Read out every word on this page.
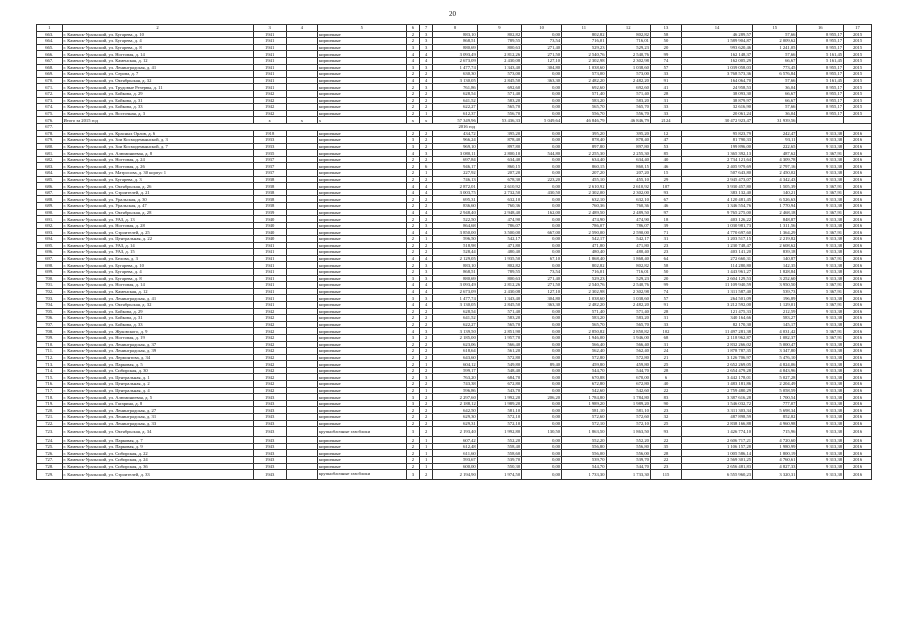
20
1	2	3	4	5	6	7	8	9	10	11	12	13	14	15	16	17
663.	г. Каменск-Уральский, ул. Бугарева, д. 10	1941		кирпичные	2	3	883,10	802,82	0,00	802,82	802,82	58	46 289,57	57,66	8 955,17	2015
664.	г. Каменск-Уральский, ул. Бугарева, д. 4	1941		кирпичные	2	3	868,51	789,55	73,54	716,01	716,01	50	1 589 904,87	2 009,62	8 955,17	2015
665.	г. Каменск-Уральский, ул. Бугарева, д. 8	1941		кирпичные	3	3	880,69	800,63	271,40	529,23	529,23	20	993 620,46	1 241,05	8 955,17	2015
666.	г. Каменск-Уральский, ул. Ногтовая, д. 14	1941		кирпичные	4	4	3 093,49	2 812,26	271,50	2 540,76	2 540,76	99	162 148,37	57,66	5 161,45	2015
667.	г. Каменск-Уральский, ул. Каменская, д. 12	1941		кирпичные	4	4	2 673,09	2 430,08	127,10	2 302,98	2 302,98	74	162 005,29	66,67	5 161,45	2015
668.	г. Каменск-Уральский, ул. Ленинградская, д. 41	1941		кирпичные	3	3	1 477,74	1 343,40	304,80	1 038,60	1 038,60	57	1 039 058,03	773,45	8 955,17	2015
669.	г. Каменск-Уральский, ул. Серова, д. 7	1941		кирпичные	2	2	630,30	573,00	0,00	573,00	573,00	33	3 768 573,36	6 576,84	8 955,17	2015
670.	г. Каменск-Уральский, ул. Октябрьская, д. 32	1941		кирпичные	4	4	3 130,05	2 845,50	363,30	2 482,20	2 482,20	91	164 064,70	57,66	5 161,45	2015
671.	г. Каменск-Уральский, ул. Трудовые Резервы, д. 11	1941		кирпичные	2	3	761,86	692,60	0,00	692,60	692,60	41	24 958,53	36,04	8 955,17	2015
672.	г. Каменск-Уральский, ул. Бойкова, д. 29	1942		кирпичные	2	2	628,54	571,40	0,00	571,40	571,40	28	38 093,30	66,67	8 955,17	2015
673.	г. Каменск-Уральский, ул. Бойкова, д. 31	1942		кирпичные	2	2	641,52	583,20	0,00	583,20	583,20	31	38 879,97	66,67	8 955,17	2015
674.	г. Каменск-Уральский, ул. Бойкова, д. 33	1942		кирпичные	2	2	622,27	565,70	0,00	565,70	565,70	33	32 616,90	57,66	8 955,17	2015
675.	г. Каменск-Уральский, ул. Восточная, д. 3	1942		кирпичные	2	1	612,37	556,70	0,00	556,70	556,70	33	20 061,24	36,04	8 955,17	2015
676.	Итого за 2015 год	x	x	x	x	x	57 349,96	53 436,33	5 049,64	46 846,79	46 846,79	2124	30 472 923,47	31 939,56		
677.	2016 год															
678.	г. Каменск-Уральский, ул. Красных Орлов, д. 6	1918		кирпичные	2	2	434,72	395,20	0,00	395,20	395,20	12	95 823,79	242,47	9 313,38	2016
679.	г. Каменск-Уральский, ул. Зои Космодемьянской, д. 3	1933		кирпичные	3	2	966,24	878,40	0,00	878,40	878,40	47	81 790,33	93,11	9 313,38	2016
680.	г. Каменск-Уральский, ул. Зои Космодемьянской, д. 7	1933		кирпичные	3	2	969,10	897,80	0,00	897,80	897,80	53	199 896,00	222,65	9 313,38	2016
681.	г. Каменск-Уральский, ул. Алюминиевая, д. 8	1935		кирпичные	4	3	3 080,11	2 800,10	544,80	2 255,30	2 255,30	85	1 365 392,13	487,62	5 367,91	2016
682.	г. Каменск-Уральский, ул. Ногтовая, д. 24	1937		кирпичные	2	2	697,84	634,40	0,00	634,40	634,40	40	2 734 121,64	4 309,78	9 313,38	2016
683.	г. Каменск-Уральский, ул. Ногтовая, д. 26	1937		кирпичные	2	6	946,17	860,15	0,00	860,15	860,15	46	2 405 979,69	2 797,16	9 313,38	2016
684.	г. Каменск-Уральский, ул. Матросова, д. 30 корпус 1	1937		кирпичные	2	1	227,92	207,20	0,00	207,20	207,20	15	507 643,80	2 450,02	9 313,38	2016
685.	г. Каменск-Уральский, ул. Бугарева, д. 3	1938		кирпичные	2	2	746,13	678,30	223,20	455,10	455,10	29	2 945 473,07	4 342,43	9 313,38	2016
686.	г. Каменск-Уральский, ул. Октябрьская, д. 26	1938		кирпичные	4	4	2 872,01	2 610,92	0,00	2 610,92	2 610,92	107	3 930 457,80	1 505,39	5 367,91	2016
687.	г. Каменск-Уральский, ул. Строителей, д. 21	1938		кирпичные	4	4	3 003,75	2 732,50	430,50	2 302,00	2 302,00	93	383 132,40	140,21	5 367,91	2016
688.	г. Каменск-Уральский, ул. Уральская, д. 30	1938		кирпичные	2	2	695,31	632,10	0,00	632,10	632,10	67	4 120 481,45	6 526,63	9 313,38	2016
689.	г. Каменск-Уральский, ул. Уральская, д. 47	1938		кирпичные	2	2	836,60	760,36	0,00	760,36	760,36	46	1 346 554,76	1 770,94	9 313,38	2016
690.	г. Каменск-Уральский, ул. Октябрьская, д. 28	1939		кирпичные	4	4	2 948,40	2 948,40	162,00	2 489,50	2 489,50	97	9 765 275,00	2 468,18	5 367,91	2016
691.	г. Каменск-Уральский, ул. УАЗ, д. 13	1940		кирпичные	2	2	522,50	474,90	0,00	474,90	474,90	18	403 126,22	848,87	9 313,38	2016
692.	г. Каменск-Уральский, ул. Ногтовая, д. 28	1940		кирпичные	2	3	864,68	786,07	0,00	786,07	786,07	39	1 030 981,73	1 311,56	9 313,38	2016
693.	г. Каменск-Уральский, ул. Строителей, д. 25	1940		кирпичные	4	4	3 850,00	3 500,00	667,00	2 590,00	2 590,00	71	4 770 697,60	1 364,29	5 367,91	2016
694.	г. Каменск-Уральский, ул. Центральная, д. 22	1940		кирпичные	2	1	596,50	542,17	0,00	542,17	542,17	31	1 203 517,15	2 219,82	9 313,38	2016
695.	г. Каменск-Уральский, ул. УАЗ, д. 14	1941		кирпичные	2	2	518,98	471,80	0,00	471,80	471,80	23	1 230 748,47	2 608,62	9 313,38	2016
696.	г. Каменск-Уральский, ул. УАЗ, д. 15	1941		кирпичные	2	2	528,44	480,40	0,00	480,40	480,40	23	403 141,20	839,18	9 313,38	2016
697.	г. Каменск-Уральский, ул. Белова, д. 3	1941		кирпичные	4	4	2 129,05	1 935,50	67,10	1 868,40	1 868,40	64	272 660,31	140,87	5 367,91	2016
698.	г. Каменск-Уральский, ул. Бугарева, д. 10	1941		кирпичные	2	3	883,10	802,82	0,00	802,82	802,82	58	114 280,80	142,35	9 313,38	2016
699.	г. Каменск-Уральский, ул. Бугарева, д. 4	1941		кирпичные	2	3	868,51	789,55	73,54	716,01	716,01	50	1 443 961,27	1 828,84	9 313,38	2016
700.	г. Каменск-Уральский, ул. Бугарева, д. 8	1941		кирпичные	3	3	880,69	800,63	271,40	529,23	529,23	20	2 604 129,53	3 252,60	9 313,38	2016
701.	г. Каменск-Уральский, ул. Ногтовая, д. 14	1941		кирпичные	4	4	3 093,49	2 812,26	271,50	2 540,76	2 540,76	99	11 109 940,59	3 950,50	5 367,91	2016
702.	г. Каменск-Уральский, ул. Каменская, д. 12	1941		кирпичные	4	4	2 673,09	2 430,08	127,10	2 302,98	2 302,98	74	1 311 587,40	539,73	5 367,91	2016
703.	г. Каменск-Уральский, ул. Ленинградская, д. 41	1941		кирпичные	3	3	1 477,74	1 343,40	304,80	1 038,60	1 038,60	57	264 501,09	196,89	9 313,38	2016
704.	г. Каменск-Уральский, ул. Октябрьская, д. 32	1941		кирпичные	4	4	3 130,05	2 845,50	363,30	2 482,20	2 482,20	91	3 212 592,00	1 129,01	5 367,91	2016
705.	г. Каменск-Уральский, ул. Бойкова, д. 29	1942		кирпичные	2	2	628,54	571,40	0,00	571,40	571,40	28	121 475,33	212,59	9 313,38	2016
706.	г. Каменск-Уральский, ул. Бойкова, д. 31	1942		кирпичные	2	2	641,52	583,20	0,00	583,20	583,20	31	340 164,66	583,27	9 313,38	2016
707.	г. Каменск-Уральский, ул. Бойкова, д. 33	1942		кирпичные	2	2	622,27	565,70	0,00	565,70	565,70	33	82 170,30	145,17	9 313,38	2016
708.	г. Каменск-Уральский, ул. Жуковского, д. 9	1942		кирпичные	4	3	3 139,50	2 851,90	0,00	2 850,82	2 850,82	102	11 497 281,38	4 031,42	5 367,91	2016
709.	г. Каменск-Уральский, ул. Ногтовая, д. 19	1942		кирпичные	3	2	2 185,00	1 957,70	0,00	1 946,00	1 946,00	68	2 118 962,87	1 082,37	5 367,91	2016
710.	г. Каменск-Уральский, ул. Ленинградская, д. 37	1942		кирпичные	2	2	623,06	566,40	0,00	566,40	566,40	31	2 832 266,02	5 000,47	9 313,38	2016
711.	г. Каменск-Уральский, ул. Ленинградская, д. 39	1942		кирпичные	2	2	618,64	561,20	0,00	562,40	562,40	24	1 878 787,35	3 347,80	9 313,38	2016
712.	г. Каменск-Уральский, ул. Лермонтова, д. 34	1942		кирпичные	2	2	643,60	572,80	0,00	572,80	572,80	21	3 126 706,97	5 476,10	9 313,38	2016
713.	г. Каменск-Уральский, ул. Парковая, д. 5	1942		кирпичные	2	1	604,12	549,80	89,40	459,80	459,80	25	2 652 269,05	4 824,06	9 313,38	2016
714.	г. Каменск-Уральский, ул. Сибирская, д. 30	1942		кирпичные	2	2	599,17	548,40	0,00	544,70	544,70	28	2 654 479,28	4 843,96	9 313,38	2016
715.	г. Каменск-Уральский, ул. Центральная, д. 1	1942		кирпичные	2	3	763,20	684,70	0,00	670,88	670,00	6	3 442 178,01	5 027,28	9 313,38	2016
716.	г. Каменск-Уральский, ул. Центральная, д. 2	1942		кирпичные	2	2	743,38	672,80	0,00	672,80	672,80	40	1 483 181,86	2 204,49	9 313,38	2016
717.	г. Каменск-Уральский, ул. Центральная, д. 4	1942		кирпичные	2	1	596,86	543,70	0,00	542,60	542,60	22	2 759 480,29	5 058,59	9 313,38	2016
718.	г. Каменск-Уральский, ул. Алюминиевая, д. 5	1943		кирпичные	3	2	2 297,60	1 992,20	206,20	1 784,80	1 784,80	83	3 387 616,28	1 700,54	9 313,38	2016
719.	г. Каменск-Уральский, ул. Гагарина, д. 8	1943		кирпичные	3	2	2 188,12	1 989,20	0,00	1 989,20	1 989,20	90	1 546 032,72	777,07	9 313,38	2016
720.	г. Каменск-Уральский, ул. Ленинградская, д. 27	1943		кирпичные	2	2	642,50	581,10	0,00	581,10	581,10	23	3 311 303,34	5 698,34	9 313,38	2016
721.	г. Каменск-Уральский, ул. Ленинградская, д. 31	1943		кирпичные	2	2	629,30	572,10	0,00	572,60	572,60	32	487 898,59	852,82	9 313,38	2016
722.	г. Каменск-Уральский, ул. Ленинградская, д. 33	1943		кирпичные	2	2	629,31	572,10	0,00	572,10	572,10	25	2 838 166,88	4 960,98	9 313,38	2016
723.	г. Каменск-Уральский, ул. Октябрьская, д. 34	1943		крупноблочные газоблоки	3	2	2 193,40	1 992,80	130,50	1 863,50	1 863,50	93	1 426 774,10	715,96	9 313,38	2016
724.	г. Каменск-Уральский, ул. Парковая, д. 7	1943		кирпичные	2	1	607,42	552,20	0,00	552,20	552,20	22	2 606 717,21	4 720,60	9 313,38	2016
725.	г. Каменск-Уральский, ул. Парковая, д. 9	1943		кирпичные	2	1	612,48	558,40	0,00	556,80	556,80	35	1 106 157,28	1 980,99	9 313,38	2016
726.	г. Каменск-Уральский, ул. Сибирская, д. 22	1943		кирпичные	2	1	611,60	558,60	0,00	556,00	556,00	28	1 005 586,14	1 800,19	9 313,38	2016
727.	г. Каменск-Уральский, ул. Сибирская, д. 24	1943		кирпичные	2	1	593,67	539,70	0,00	539,70	539,70	22	2 569 301,25	4 760,61	9 313,38	2016
728.	г. Каменск-Уральский, ул. Сибирская, д. 36	1943		кирпичные	2	1	600,00	550,30	0,00	544,70	544,70	23	2 656 481,83	4 827,33	9 313,38	2016
729.	г. Каменск-Уральский, ул. Строителей, д. 33	1943		крупноблочные газоблоки	3	2	2 194,90	1 974,50	0,00	1 733,30	1 733,30	115	6 555 960,23	3 320,31	9 313,38	2016
